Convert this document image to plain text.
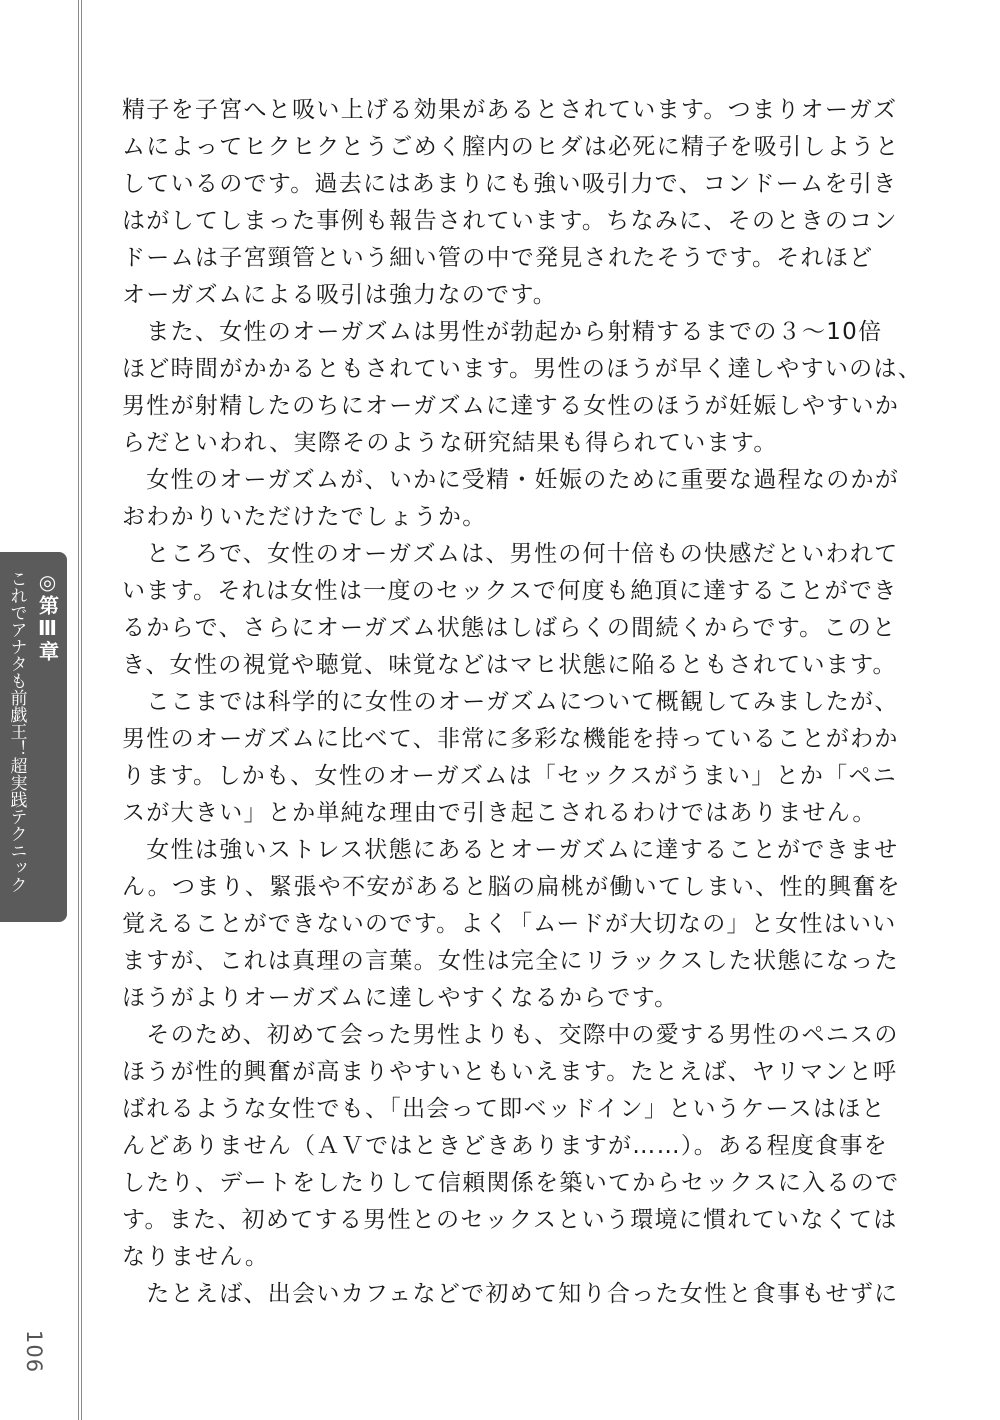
◎第Ⅲ章
これでアナタも前戯王！超実践テクニック
106
精子を子宮へと吸い上げる効果があるとされています。つまりオーガズ
ムによってヒクヒクとうごめく膣内のヒダは必死に精子を吸引しようと
しているのです。過去にはあまりにも強い吸引力で、コンドームを引き
はがしてしまった事例も報告されています。ちなみに、そのときのコン
ドームは子宮頸管という細い管の中で発見されたそうです。それほど
オーガズムによる吸引は強力なのです。
　また、女性のオーガズムは男性が勃起から射精するまでの３～10倍
ほど時間がかかるともされています。男性のほうが早く達しやすいのは、
男性が射精したのちにオーガズムに達する女性のほうが妊娠しやすいか
らだといわれ、実際そのような研究結果も得られています。
　女性のオーガズムが、いかに受精・妊娠のために重要な過程なのかが
おわかりいただけたでしょうか。
　ところで、女性のオーガズムは、男性の何十倍もの快感だといわれて
います。それは女性は一度のセックスで何度も絶頂に達することができ
るからで、さらにオーガズム状態はしばらくの間続くからです。このと
き、女性の視覚や聴覚、味覚などはマヒ状態に陥るともされています。
　ここまでは科学的に女性のオーガズムについて概観してみましたが、
男性のオーガズムに比べて、非常に多彩な機能を持っていることがわか
ります。しかも、女性のオーガズムは「セックスがうまい」とか「ペニ
スが大きい」とか単純な理由で引き起こされるわけではありません。
　女性は強いストレス状態にあるとオーガズムに達することができませ
ん。つまり、緊張や不安があると脳の扁桃が働いてしまい、性的興奮を
覚えることができないのです。よく「ムードが大切なの」と女性はいい
ますが、これは真理の言葉。女性は完全にリラックスした状態になった
ほうがよりオーガズムに達しやすくなるからです。
　そのため、初めて会った男性よりも、交際中の愛する男性のペニスの
ほうが性的興奮が高まりやすいともいえます。たとえば、ヤリマンと呼
ばれるような女性でも、「出会って即ベッドイン」というケースはほと
んどありません（ＡＶではときどきありますが……）。ある程度食事を
したり、デートをしたりして信頼関係を築いてからセックスに入るので
す。また、初めてする男性とのセックスという環境に慣れていなくては
なりません。
　たとえば、出会いカフェなどで初めて知り合った女性と食事もせずに
